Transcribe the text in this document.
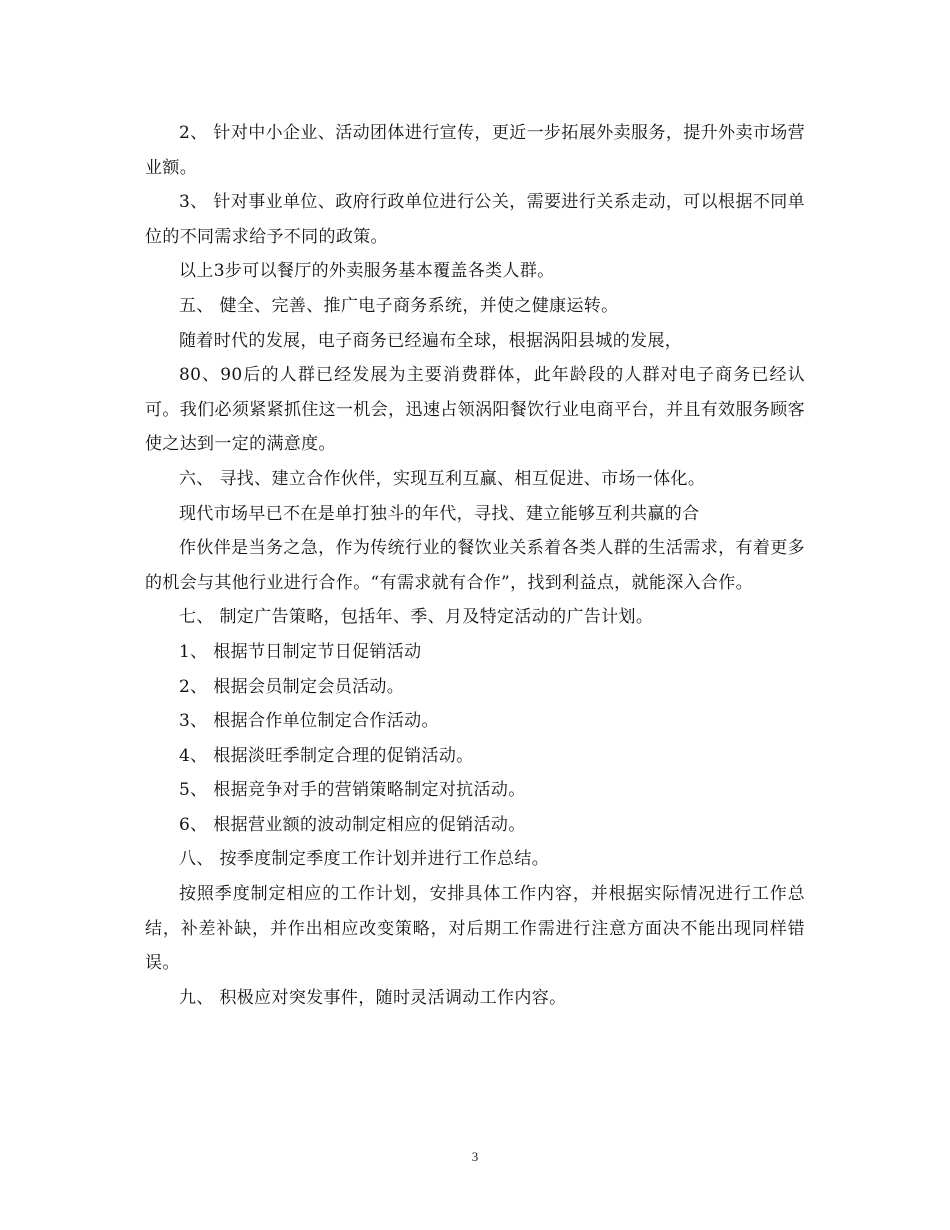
2、 针对中小企业、活动团体进行宣传，更近一步拓展外卖服务，提升外卖市场营业额。

3、 针对事业单位、政府行政单位进行公关，需要进行关系走动，可以根据不同单位的不同需求给予不同的政策。

以上3步可以餐厅的外卖服务基本覆盖各类人群。

五、 健全、完善、推广电子商务系统，并使之健康运转。

随着时代的发展，电子商务已经遍布全球，根据涡阳县城的发展，

80、90后的人群已经发展为主要消费群体，此年龄段的人群对电子商务已经认可。我们必须紧紧抓住这一机会，迅速占领涡阳餐饮行业电商平台，并且有效服务顾客使之达到一定的满意度。

六、 寻找、建立合作伙伴，实现互利互赢、相互促进、市场一体化。

现代市场早已不在是单打独斗的年代，寻找、建立能够互利共赢的合

作伙伴是当务之急，作为传统行业的餐饮业关系着各类人群的生活需求，有着更多的机会与其他行业进行合作。“有需求就有合作”，找到利益点，就能深入合作。

七、 制定广告策略，包括年、季、月及特定活动的广告计划。

1、 根据节日制定节日促销活动

2、 根据会员制定会员活动。

3、 根据合作单位制定合作活动。

4、 根据淡旺季制定合理的促销活动。

5、 根据竞争对手的营销策略制定对抗活动。

6、 根据营业额的波动制定相应的促销活动。

八、 按季度制定季度工作计划并进行工作总结。

按照季度制定相应的工作计划，安排具体工作内容，并根据实际情况进行工作总结，补差补缺，并作出相应改变策略，对后期工作需进行注意方面决不能出现同样错误。

九、 积极应对突发事件，随时灵活调动工作内容。

3
